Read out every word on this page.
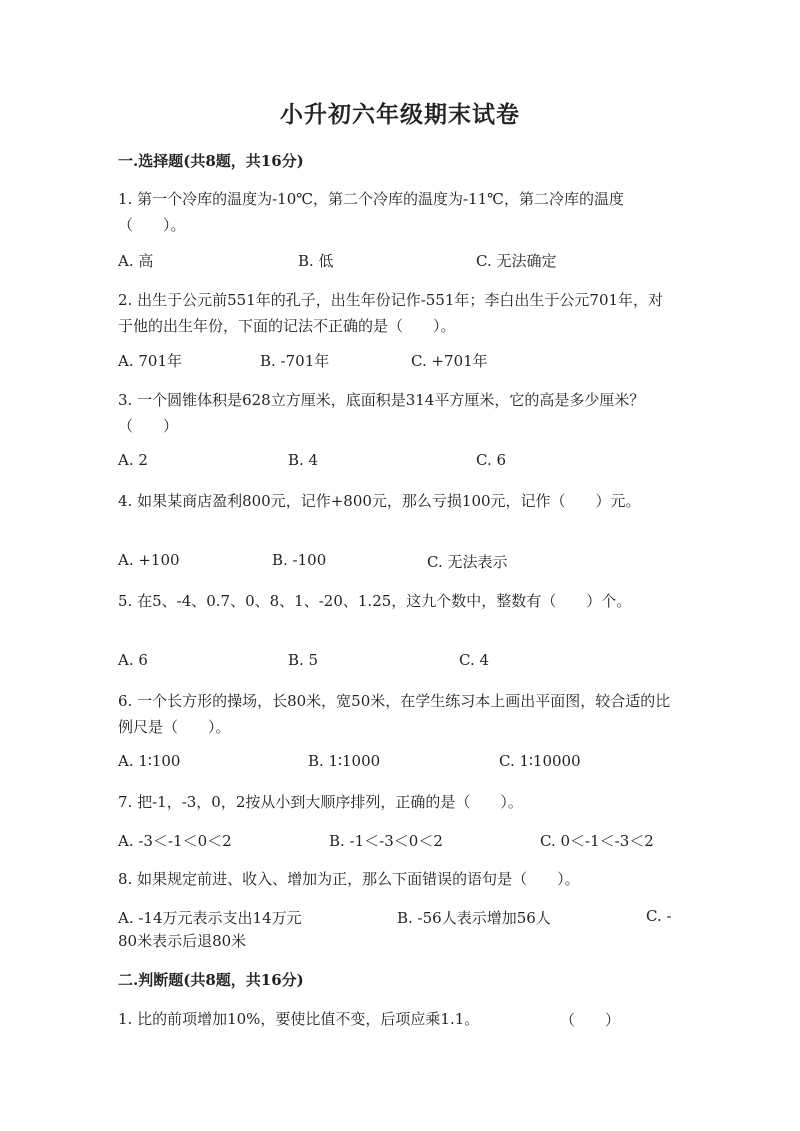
小升初六年级期末试卷
一.选择题(共8题，共16分)
1. 第一个冷库的温度为-10℃，第二个冷库的温度为-11℃，第二冷库的温度（　　）。
A. 高	B. 低	C. 无法确定
2. 出生于公元前551年的孔子，出生年份记作-551年；李白出生于公元701年，对于他的出生年份，下面的记法不正确的是（　　）。
A. 701年	B. -701年	C. +701年
3. 一个圆锥体积是628立方厘米，底面积是314平方厘米，它的高是多少厘米？（　　）
A. 2	B. 4	C. 6
4. 如果某商店盈利800元，记作+800元，那么亏损100元，记作（　　）元。
A. +100	B. -100	C. 无法表示
5. 在5、-4、0.7、0、8、1、-20、1.25，这九个数中，整数有（　　）个。
A. 6	B. 5	C. 4
6. 一个长方形的操场，长80米，宽50米，在学生练习本上画出平面图，较合适的比例尺是（　　）。
A. 1∶100	B. 1∶1000	C. 1∶10000
7. 把-1，-3，0，2按从小到大顺序排列，正确的是（　　）。
A. -3＜-1＜0＜2	B. -1＜-3＜0＜2	C. 0＜-1＜-3＜2
8. 如果规定前进、收入、增加为正，那么下面错误的语句是（　　）。
A. -14万元表示支出14万元	B. -56人表示增加56人	C. -
80米表示后退80米
二.判断题(共8题，共16分)
1. 比的前项增加10%，要使比值不变，后项应乘1.1。	（　　）
